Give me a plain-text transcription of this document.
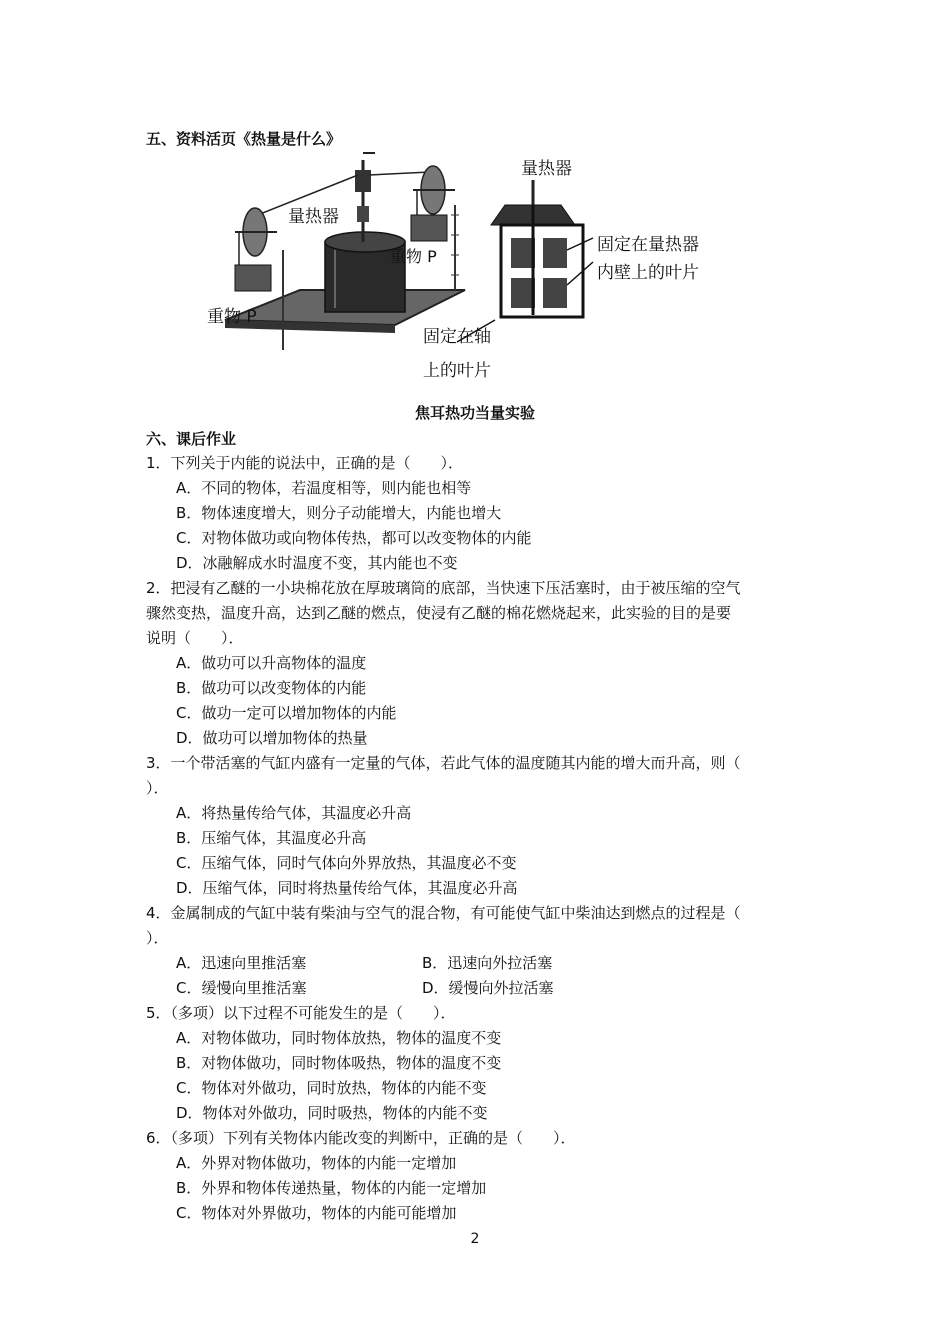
五、资料活页《热量是什么》
量热器
重物 P
重物 P
量热器
固定在量热器
内壁上的叶片
固定在轴
上的叶片
焦耳热功当量实验
六、课后作业
1．下列关于内能的说法中，正确的是（　　）．
A．不同的物体，若温度相等，则内能也相等
B．物体速度增大，则分子动能增大，内能也增大
C．对物体做功或向物体传热，都可以改变物体的内能
D．冰融解成水时温度不变，其内能也不变
2．把浸有乙醚的一小块棉花放在厚玻璃筒的底部，当快速下压活塞时，由于被压缩的空气
骤然变热，温度升高，达到乙醚的燃点，使浸有乙醚的棉花燃烧起来，此实验的目的是要
说明（　　）．
A．做功可以升高物体的温度
B．做功可以改变物体的内能
C．做功一定可以增加物体的内能
D．做功可以增加物体的热量
3．一个带活塞的气缸内盛有一定量的气体，若此气体的温度随其内能的增大而升高，则（
）．
A．将热量传给气体，其温度必升高
B．压缩气体，其温度必升高
C．压缩气体，同时气体向外界放热，其温度必不变
D．压缩气体，同时将热量传给气体，其温度必升高
4．金属制成的气缸中装有柴油与空气的混合物，有可能使气缸中柴油达到燃点的过程是（
）．
A．迅速向里推活塞	B．迅速向外拉活塞
C．缓慢向里推活塞	D．缓慢向外拉活塞
5．（多项）以下过程不可能发生的是（　　）．
A．对物体做功，同时物体放热，物体的温度不变
B．对物体做功，同时物体吸热，物体的温度不变
C．物体对外做功，同时放热，物体的内能不变
D．物体对外做功，同时吸热，物体的内能不变
6．（多项）下列有关物体内能改变的判断中，正确的是（　　）．
A．外界对物体做功，物体的内能一定增加
B．外界和物体传递热量，物体的内能一定增加
C．物体对外界做功，物体的内能可能增加
2
